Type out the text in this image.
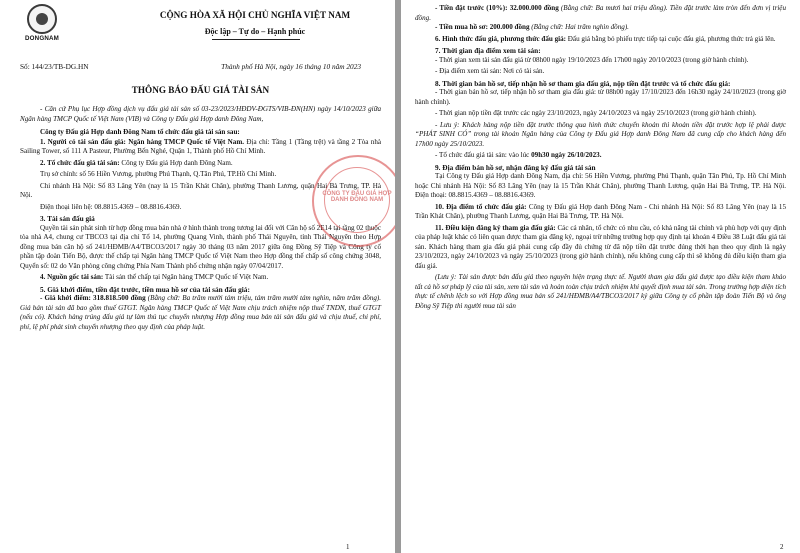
DONGNAM
CỘNG HÒA XÃ HỘI CHỦ NGHĨA VIỆT NAM
Độc lập – Tự do – Hạnh phúc
Số: 144/23/TB-DG.HN	Thành phố Hà Nội, ngày 16 tháng 10 năm 2023
THÔNG BÁO ĐẤU GIÁ TÀI SẢN

- Căn cứ Phụ lục Hợp đồng dịch vụ đấu giá tài sản số 03-23/2023/HĐDV-ĐGTS/VIB-ĐN(HN) ngày 14/10/2023 giữa Ngân hàng TMCP Quốc tế Việt Nam (VIB) và Công ty Đấu giá Hợp danh Đông Nam,

Công ty Đấu giá Hợp danh Đông Nam tổ chức đấu giá tài sản sau:

1. Người có tài sản đấu giá: Ngân hàng TMCP Quốc tế Việt Nam. Địa chỉ: Tầng 1 (Tầng trệt) và tầng 2 Tòa nhà Sailing Tower, số 111 A Pasteur, Phường Bến Nghé, Quận 1, Thành phố Hồ Chí Minh.

2. Tổ chức đấu giá tài sản: Công ty Đấu giá Hợp danh Đông Nam.

Trụ sở chính: số 56 Hiền Vương, phường Phú Thạnh, Q.Tân Phú, TP.Hồ Chí Minh.

Chi nhánh Hà Nội: Số 83 Lãng Yên (nay là 15 Trần Khát Chân), phường Thanh Lương, quận Hai Bà Trưng, TP. Hà Nội.

Điện thoại liên hệ: 08.8815.4369 – 08.8816.4369.

3. Tài sản đấu giá

Quyền tài sản phát sinh từ hợp đồng mua bán nhà ở hình thành trong tương lai đối với Căn hộ số 2E14 tại tầng 02 thuộc tòa nhà A4, chung cư TBCO3 tại địa chỉ Tổ 14, phường Quang Vinh, thành phố Thái Nguyên, tỉnh Thái Nguyên theo Hợp đồng mua bán căn hộ số 241/HĐMB/A4/TBCO3/2017 ngày 30 tháng 03 năm 2017 giữa ông Đồng Sỹ Tiệp và Công ty cổ phần tập đoàn Tiến Bộ, được thế chấp tại Ngân hàng TMCP Quốc tế Việt Nam theo Hợp đồng thế chấp số công chứng 3048, Quyển số: 02 do Văn phòng công chứng Phía Nam Thành phố chứng nhận ngày 07/04/2017.

4. Nguồn gốc tài sản: Tài sản thế chấp tại Ngân hàng TMCP Quốc tế Việt Nam.

5. Giá khởi điểm, tiền đặt trước, tiền mua hồ sơ của tài sản đấu giá:

- Giá khởi điểm: 318.818.500 đồng (Bằng chữ: Ba trăm mười tám triệu, tám trăm mười tám nghìn, năm trăm đồng). Giá bán tài sản đã bao gồm thuế GTGT. Ngân hàng TMCP Quốc tế Việt Nam chịu trách nhiệm nộp thuế TNDN, thuế GTGT (nếu có). Khách hàng trúng đấu giá tự làm thủ tục chuyển nhượng Hợp đồng mua bán tài sản đấu giá và chịu thuế, chi phí, phí, lệ phí phát sinh chuyển nhượng theo quy định của pháp luật.

CÔNG TY ĐẤU GIÁ HỢP DANH ĐÔNG NAM
1

- Tiền đặt trước (10%): 32.000.000 đồng (Bằng chữ: Ba mươi hai triệu đồng). Tiền đặt trước làm tròn đến đơn vị triệu đồng.

- Tiền mua hồ sơ: 200.000 đồng (Bằng chữ: Hai trăm nghìn đồng).

6. Hình thức đấu giá, phương thức đấu giá: Đấu giá bằng bỏ phiếu trực tiếp tại cuộc đấu giá, phương thức trả giá lên.

7. Thời gian địa điểm xem tài sản:

- Thời gian xem tài sản đấu giá từ 08h00 ngày 19/10/2023 đến 17h00 ngày 20/10/2023 (trong giờ hành chính).

- Địa điểm xem tài sản: Nơi có tài sản.

8. Thời gian bán hồ sơ, tiếp nhận hồ sơ tham gia đấu giá, nộp tiền đặt trước và tổ chức đấu giá:

- Thời gian bán hồ sơ, tiếp nhận hồ sơ tham gia đấu giá: từ 08h00 ngày 17/10/2023 đến 16h30 ngày 24/10/2023 (trong giờ hành chính).

- Thời gian nộp tiền đặt trước các ngày 23/10/2023, ngày 24/10/2023 và ngày 25/10/2023 (trong giờ hành chính).

- Lưu ý: Khách hàng nộp tiền đặt trước thông qua hình thức chuyển khoản thì khoản tiền đặt trước hợp lệ phải được “PHÁT SINH CÓ” trong tài khoản Ngân hàng của Công ty Đấu giá Hợp danh Đông Nam đã cung cấp cho khách hàng đến 17h00 ngày 25/10/2023.

- Tổ chức đấu giá tài sản: vào lúc 09h30 ngày 26/10/2023.

9. Địa điểm bán hồ sơ, nhận đăng ký đấu giá tài sản

Tại Công ty Đấu giá Hợp danh Đông Nam, địa chỉ: 56 Hiền Vương, phường Phú Thạnh, quận Tân Phú, Tp. Hồ Chí Minh hoặc Chi nhánh Hà Nội: Số 83 Lãng Yên (nay là 15 Trần Khát Chân), phường Thanh Lương, quận Hai Bà Trưng, TP. Hà Nội. Điện thoại: 08.8815.4369 – 08.8816.4369.

10. Địa điểm tổ chức đấu giá: Công ty Đấu giá Hợp danh Đông Nam - Chi nhánh Hà Nội: Số 83 Lãng Yên (nay là 15 Trần Khát Chân), phường Thanh Lương, quận Hai Bà Trưng, TP. Hà Nội.

11. Điều kiện đăng ký tham gia đấu giá: Các cá nhân, tổ chức có nhu cầu, có khả năng tài chính và phù hợp với quy định của pháp luật khác có liên quan được tham gia đăng ký, ngoại trừ những trường hợp quy định tại khoản 4 Điều 38 Luật đấu giá tài sản. Khách hàng tham gia đấu giá phải cung cấp đầy đủ chứng từ đã nộp tiền đặt trước đúng thời hạn theo quy định là ngày 23/10/2023, ngày 24/10/2023 và ngày 25/10/2023 (trong giờ hành chính), nếu không cung cấp thì sẽ không đủ điều kiện tham gia đấu giá.

(Lưu ý: Tài sản được bán đấu giá theo nguyên hiện trạng thực tế. Người tham gia đấu giá được tạo điều kiện tham khảo tất cả hồ sơ pháp lý của tài sản, xem tài sản và hoàn toàn chịu trách nhiệm khi quyết định mua tài sản. Trong trường hợp diện tích thực tế chênh lệch so với Hợp đồng mua bán số 241/HĐMB/A4/TBCO3/2017 ký giữa Công ty cổ phần tập đoàn Tiến Bộ và ông Đồng Sỹ Tiệp thì người mua tài sản

2
